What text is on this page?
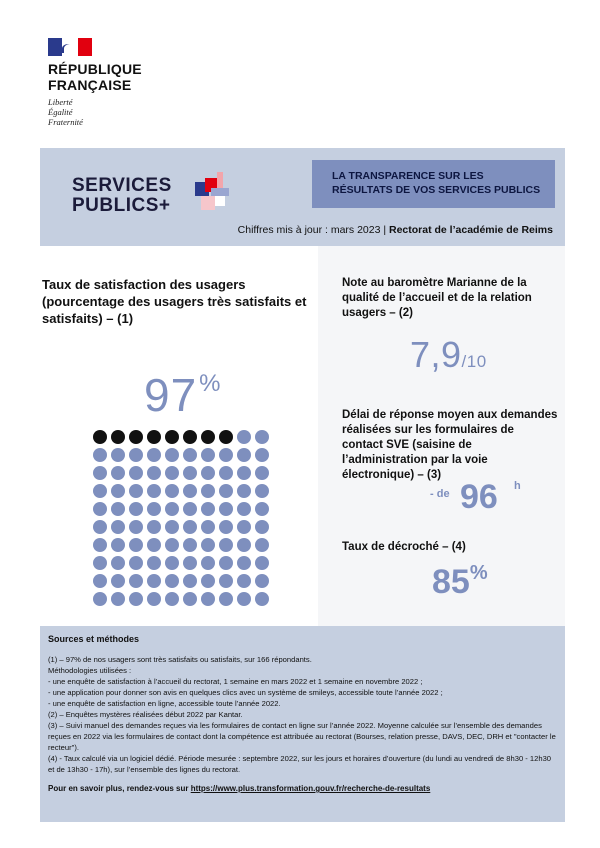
RÉPUBLIQUE
FRANÇAISE
Liberté
Égalité
Fraternité
SERVICES
PUBLICS+
LA TRANSPARENCE SUR LES
RÉSULTATS DE VOS SERVICES PUBLICS
Chiffres mis à jour : mars 2023 | Rectorat de l’académie de Reims
Taux de satisfaction des usagers (pourcentage des usagers très satisfaits et satisfaits) – (1)
97%
Note au baromètre Marianne de la qualité de l’accueil et de la relation usagers – (2)
7,9/10
Délai de réponse moyen aux demandes réalisées sur les formulaires de contact SVE (saisine de l’administration par la voie électronique) – (3)
- de 96 h
Taux de décroché – (4)
85%
Sources et méthodes

(1) – 97% de nos usagers sont très satisfaits ou satisfaits, sur 166 répondants.

Méthodologies utilisées :

- une enquête de satisfaction à l’accueil du rectorat, 1 semaine en mars 2022 et 1 semaine en novembre 2022 ;

- une application pour donner son avis en quelques clics avec un système de smileys, accessible toute l’année 2022 ;

- une enquête de satisfaction en ligne, accessible toute l’année 2022.

(2) – Enquêtes mystères réalisées début 2022 par Kantar.

(3) – Suivi manuel des demandes reçues via les formulaires de contact en ligne sur l’année 2022. Moyenne calculée sur l’ensemble des demandes reçues en 2022 via les formulaires de contact dont la compétence est attribuée au rectorat (Bourses, relation presse, DAVS, DEC, DRH et "contacter le recteur").

(4) - Taux calculé via un logiciel dédié. Période mesurée : septembre 2022, sur les jours et horaires d’ouverture (du lundi au vendredi de 8h30 - 12h30 et de 13h30 - 17h), sur l’ensemble des lignes du rectorat.

Pour en savoir plus, rendez-vous sur https://www.plus.transformation.gouv.fr/recherche-de-resultats
